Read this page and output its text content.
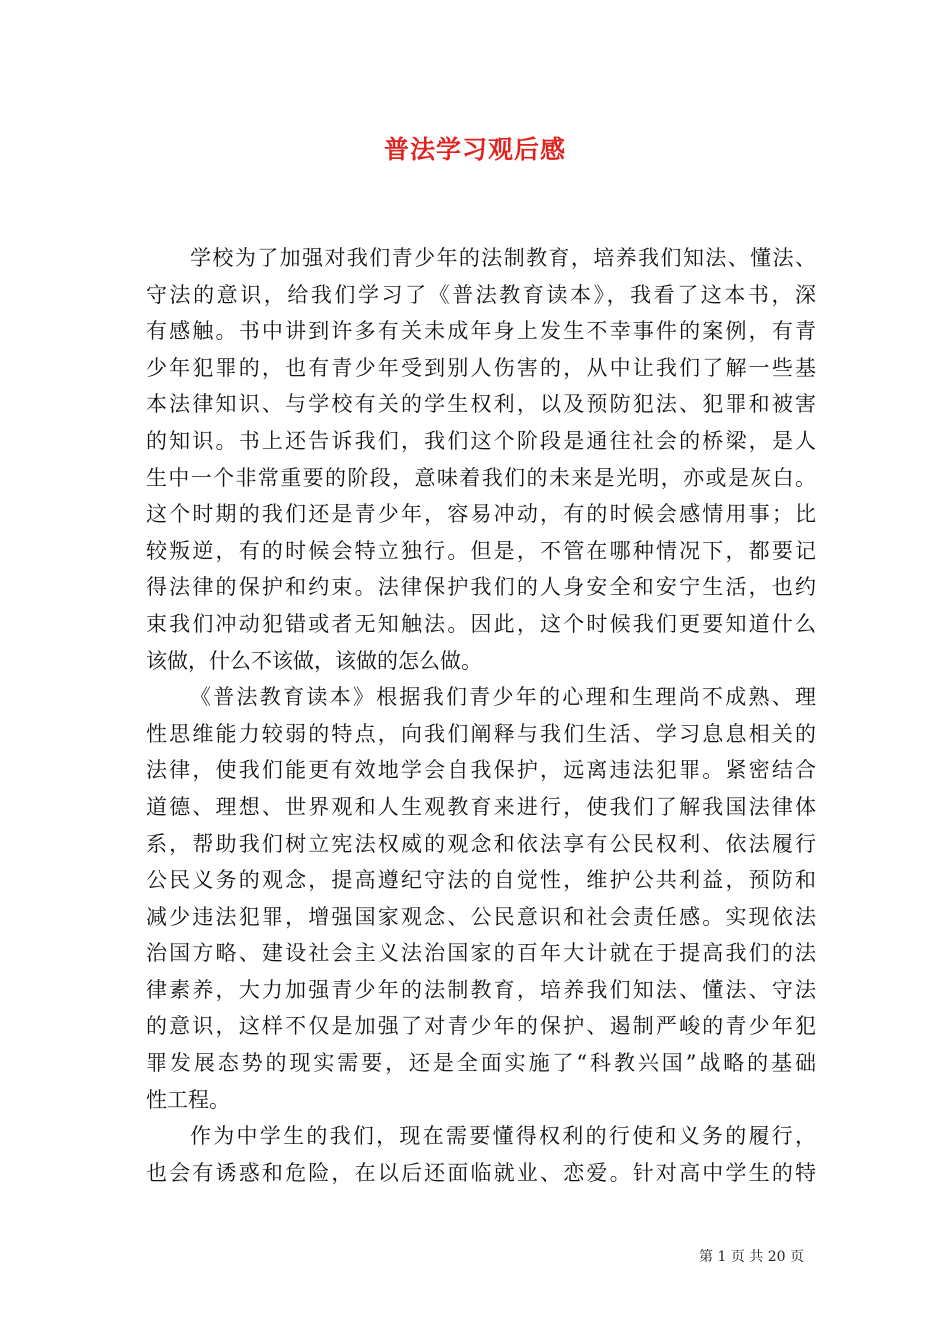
普法学习观后感
学校为了加强对我们青少年的法制教育，培养我们知法、懂法、
守法的意识，给我们学习了《普法教育读本》，我看了这本书，深
有感触。书中讲到许多有关未成年身上发生不幸事件的案例，有青
少年犯罪的，也有青少年受到别人伤害的，从中让我们了解一些基
本法律知识、与学校有关的学生权利，以及预防犯法、犯罪和被害
的知识。书上还告诉我们，我们这个阶段是通往社会的桥梁，是人
生中一个非常重要的阶段，意味着我们的未来是光明，亦或是灰白。
这个时期的我们还是青少年，容易冲动，有的时候会感情用事；比
较叛逆，有的时候会特立独行。但是，不管在哪种情况下，都要记
得法律的保护和约束。法律保护我们的人身安全和安宁生活，也约
束我们冲动犯错或者无知触法。因此，这个时候我们更要知道什么
该做，什么不该做，该做的怎么做。
《普法教育读本》根据我们青少年的心理和生理尚不成熟、理
性思维能力较弱的特点，向我们阐释与我们生活、学习息息相关的
法律，使我们能更有效地学会自我保护，远离违法犯罪。紧密结合
道德、理想、世界观和人生观教育来进行，使我们了解我国法律体
系，帮助我们树立宪法权威的观念和依法享有公民权利、依法履行
公民义务的观念，提高遵纪守法的自觉性，维护公共利益，预防和
减少违法犯罪，增强国家观念、公民意识和社会责任感。实现依法
治国方略、建设社会主义法治国家的百年大计就在于提高我们的法
律素养，大力加强青少年的法制教育，培养我们知法、懂法、守法
的意识，这样不仅是加强了对青少年的保护、遏制严峻的青少年犯
罪发展态势的现实需要，还是全面实施了“科教兴国”战略的基础
性工程。
作为中学生的我们，现在需要懂得权利的行使和义务的履行，
也会有诱惑和危险，在以后还面临就业、恋爱。针对高中学生的特
第 1 页 共 20 页
